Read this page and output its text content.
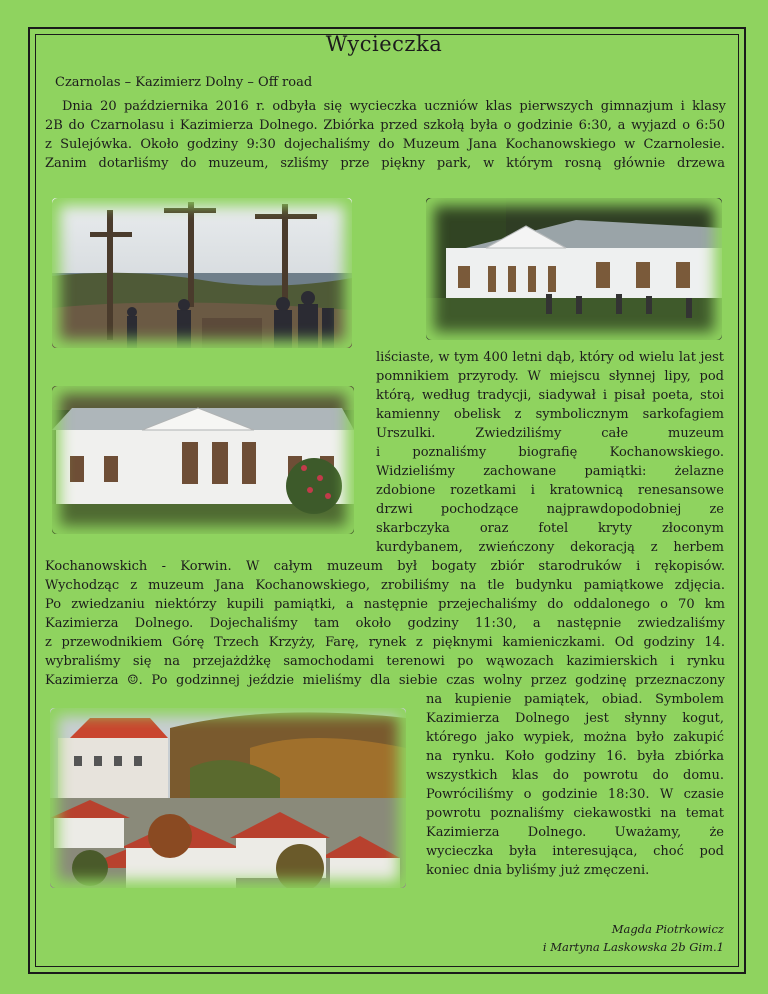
Wycieczka
Czarnolas – Kazimierz Dolny – Off road
Dnia 20 października 2016 r. odbyła się wycieczka uczniów klas pierwszych gimnazjum i klasy
2B do Czarnolasu i Kazimierza Dolnego. Zbiórka przed szkołą była o godzinie 6:30, a wyjazd o 6:50
z Sulejówka. Około godziny 9:30 dojechaliśmy do Muzeum Jana Kochanowskiego w Czarnolesie.
Zanim dotarliśmy do muzeum, szliśmy prze piękny park, w którym rosną głównie drzewa
liściaste, w tym 400 letni dąb, który od wielu lat jest
pomnikiem przyrody. W miejscu słynnej lipy, pod
którą, według tradycji, siadywał i pisał poeta, stoi
kamienny obelisk z symbolicznym sarkofagiem
Urszulki. Zwiedziliśmy całe muzeum
i poznaliśmy biografię Kochanowskiego.
Widzieliśmy zachowane pamiątki: żelazne
zdobione rozetkami i kratownicą renesansowe
drzwi pochodzące najprawdopodobniej ze
skarbczyka oraz fotel kryty złoconym
kurdybanem, zwieńczony dekoracją z herbem
Kochanowskich - Korwin. W całym muzeum był bogaty zbiór starodruków i rękopisów.
Wychodząc z muzeum Jana Kochanowskiego, zrobiliśmy na tle budynku pamiątkowe zdjęcia.
Po zwiedzaniu niektórzy kupili pamiątki, a następnie przejechaliśmy do oddalonego o 70 km
Kazimierza Dolnego. Dojechaliśmy tam około godziny 11:30, a następnie zwiedzaliśmy
z przewodnikiem Górę Trzech Krzyży, Farę, rynek z pięknymi kamieniczkami. Od godziny 14.
wybraliśmy się na przejażdżkę samochodami terenowi po wąwozach kazimierskich i rynku
Kazimierza ☺. Po godzinnej jeździe mieliśmy dla siebie czas wolny przez godzinę przeznaczony
na kupienie pamiątek, obiad. Symbolem
Kazimierza Dolnego jest słynny kogut,
którego jako wypiek, można było zakupić
na rynku. Koło godziny 16. była zbiórka
wszystkich klas do powrotu do domu.
Powróciliśmy o godzinie 18:30. W czasie
powrotu poznaliśmy ciekawostki na temat
Kazimierza Dolnego. Uważamy, że
wycieczka była interesująca, choć pod
koniec dnia byliśmy już zmęczeni.
Magda Piotrkowicz
i Martyna Laskowska 2b Gim.1
